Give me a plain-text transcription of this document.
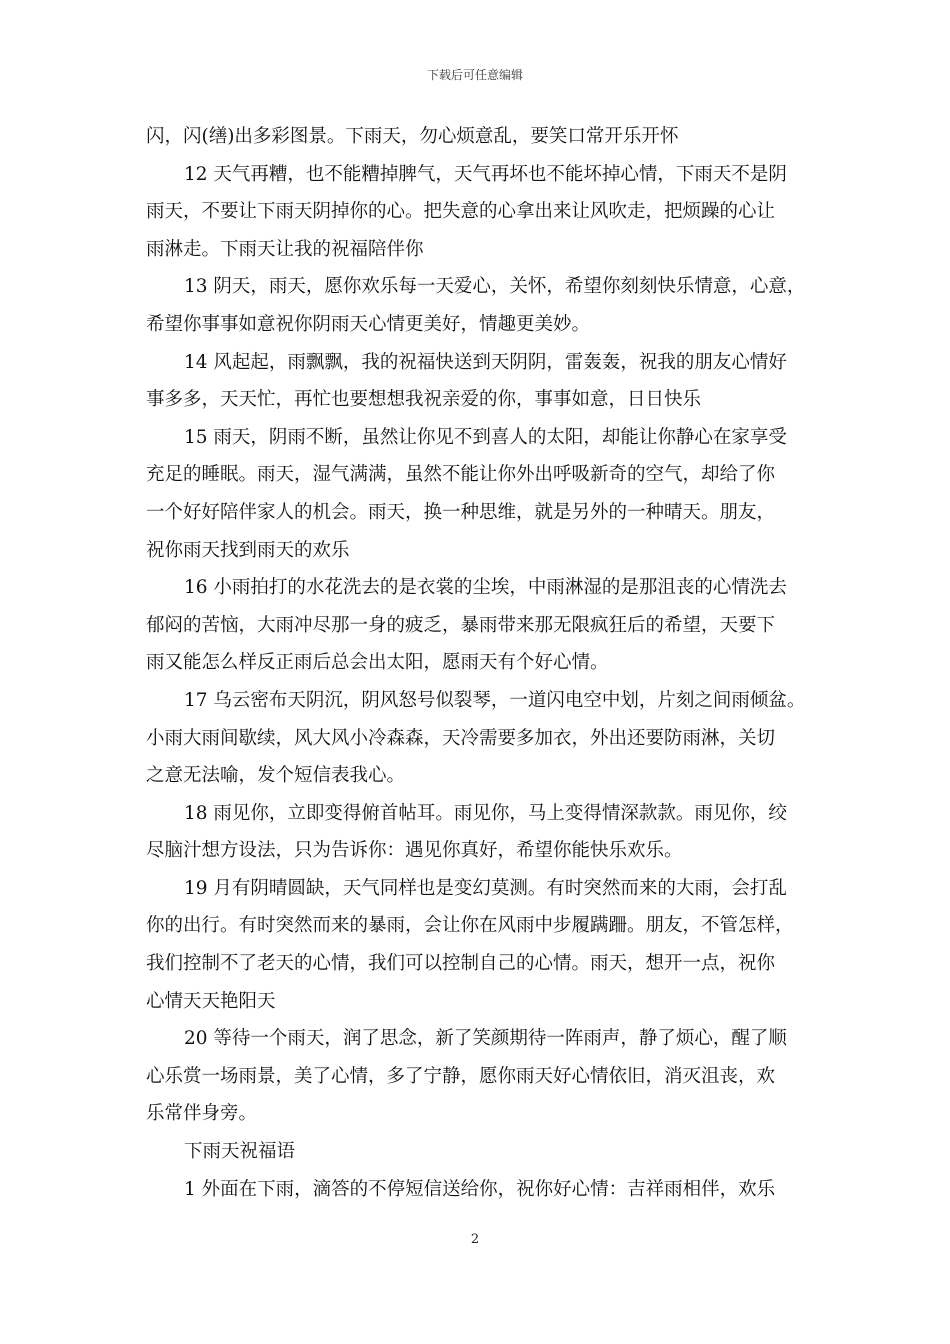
下载后可任意编辑
闪，闪(缮)出多彩图景。下雨天，勿心烦意乱，要笑口常开乐开怀
12 天气再糟，也不能糟掉脾气，天气再坏也不能坏掉心情，下雨天不是阴
雨天，不要让下雨天阴掉你的心。把失意的心拿出来让风吹走，把烦躁的心让
雨淋走。下雨天让我的祝福陪伴你
13 阴天，雨天，愿你欢乐每一天爱心，关怀，希望你刻刻快乐情意，心意，
希望你事事如意祝你阴雨天心情更美好，情趣更美妙。
14 风起起，雨飘飘，我的祝福快送到天阴阴，雷轰轰，祝我的朋友心情好
事多多，天天忙，再忙也要想想我祝亲爱的你，事事如意，日日快乐
15 雨天，阴雨不断，虽然让你见不到喜人的太阳，却能让你静心在家享受
充足的睡眠。雨天，湿气满满，虽然不能让你外出呼吸新奇的空气，却给了你
一个好好陪伴家人的机会。雨天，换一种思维，就是另外的一种晴天。朋友，
祝你雨天找到雨天的欢乐
16 小雨拍打的水花洗去的是衣裳的尘埃，中雨淋湿的是那沮丧的心情洗去
郁闷的苦恼，大雨冲尽那一身的疲乏，暴雨带来那无限疯狂后的希望，天要下
雨又能怎么样反正雨后总会出太阳，愿雨天有个好心情。
17 乌云密布天阴沉，阴风怒号似裂琴，一道闪电空中划，片刻之间雨倾盆。
小雨大雨间歇续，风大风小冷森森，天冷需要多加衣，外出还要防雨淋，关切
之意无法喻，发个短信表我心。
18 雨见你，立即变得俯首帖耳。雨见你，马上变得情深款款。雨见你，绞
尽脑汁想方设法，只为告诉你：遇见你真好，希望你能快乐欢乐。
19 月有阴晴圆缺，天气同样也是变幻莫测。有时突然而来的大雨，会打乱
你的出行。有时突然而来的暴雨，会让你在风雨中步履蹒跚。朋友，不管怎样，
我们控制不了老天的心情，我们可以控制自己的心情。雨天，想开一点，祝你
心情天天艳阳天
20 等待一个雨天，润了思念，新了笑颜期待一阵雨声，静了烦心，醒了顺
心乐赏一场雨景，美了心情，多了宁静，愿你雨天好心情依旧，消灭沮丧，欢
乐常伴身旁。
下雨天祝福语
1 外面在下雨，滴答的不停短信送给你，祝你好心情：吉祥雨相伴，欢乐
2
